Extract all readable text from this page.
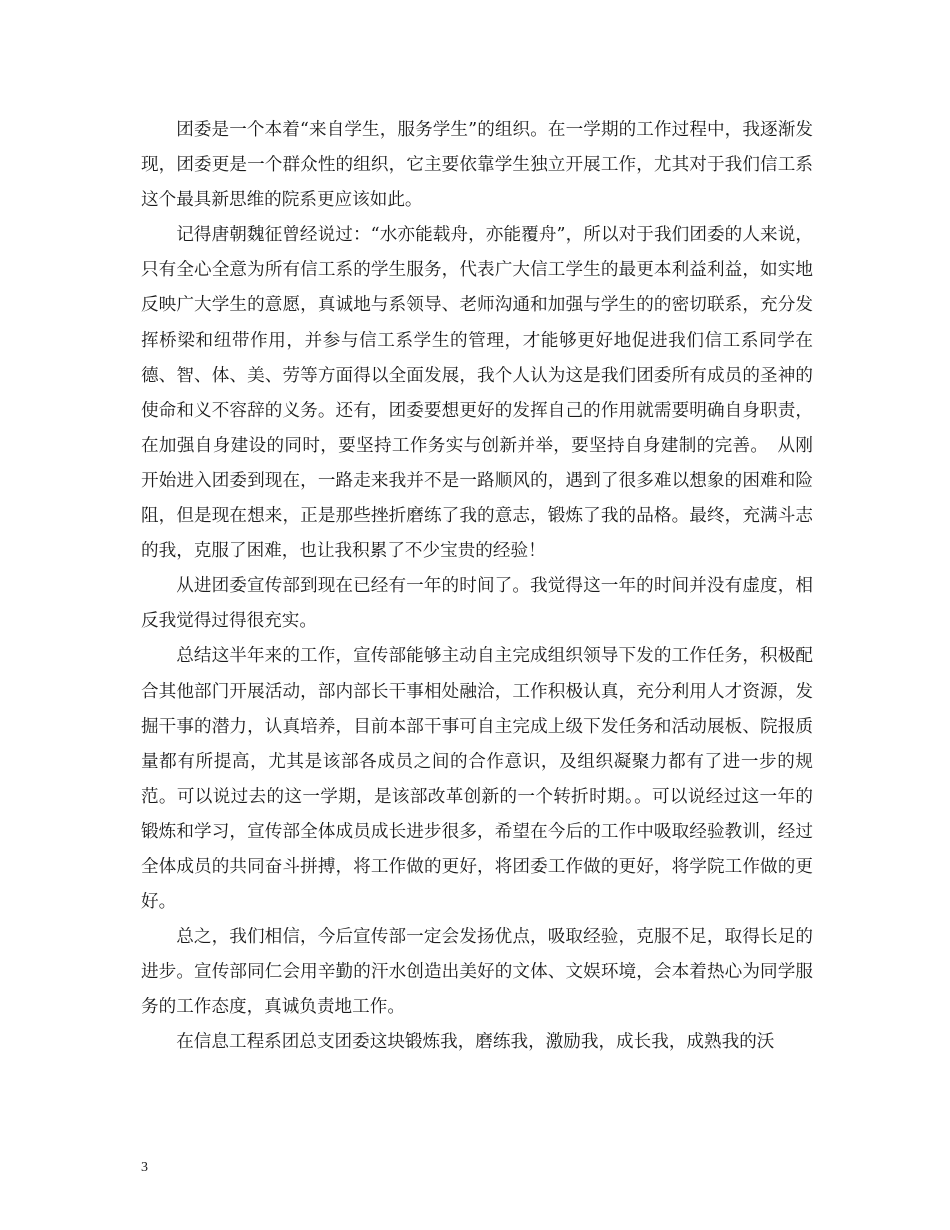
团委是一个本着“来自学生，服务学生”的组织。在一学期的工作过程中，我逐渐发现，团委更是一个群众性的组织，它主要依靠学生独立开展工作，尤其对于我们信工系这个最具新思维的院系更应该如此。

记得唐朝魏征曾经说过：“水亦能载舟，亦能覆舟”，所以对于我们团委的人来说，只有全心全意为所有信工系的学生服务，代表广大信工学生的最更本利益利益，如实地反映广大学生的意愿，真诚地与系领导、老师沟通和加强与学生的的密切联系，充分发挥桥梁和纽带作用，并参与信工系学生的管理，才能够更好地促进我们信工系同学在德、智、体、美、劳等方面得以全面发展，我个人认为这是我们团委所有成员的圣神的使命和义不容辞的义务。还有，团委要想更好的发挥自己的作用就需要明确自身职责，在加强自身建设的同时，要坚持工作务实与创新并举，要坚持自身建制的完善。　从刚开始进入团委到现在，一路走来我并不是一路顺风的，遇到了很多难以想象的困难和险阻，但是现在想来，正是那些挫折磨练了我的意志，锻炼了我的品格。最终，充满斗志的我，克服了困难，也让我积累了不少宝贵的经验！

从进团委宣传部到现在已经有一年的时间了。我觉得这一年的时间并没有虚度，相反我觉得过得很充实。

总结这半年来的工作，宣传部能够主动自主完成组织领导下发的工作任务，积极配合其他部门开展活动，部内部长干事相处融洽，工作积极认真，充分利用人才资源，发掘干事的潜力，认真培养，目前本部干事可自主完成上级下发任务和活动展板、院报质量都有所提高，尤其是该部各成员之间的合作意识，及组织凝聚力都有了进一步的规范。可以说过去的这一学期，是该部改革创新的一个转折时期。。可以说经过这一年的锻炼和学习，宣传部全体成员成长进步很多，希望在今后的工作中吸取经验教训，经过全体成员的共同奋斗拼搏，将工作做的更好，将团委工作做的更好，将学院工作做的更好。

总之，我们相信，今后宣传部一定会发扬优点，吸取经验，克服不足，取得长足的进步。宣传部同仁会用辛勤的汗水创造出美好的文体、文娱环境，会本着热心为同学服务的工作态度，真诚负责地工作。

在信息工程系团总支团委这块锻炼我，磨练我，激励我，成长我，成熟我的沃

3
